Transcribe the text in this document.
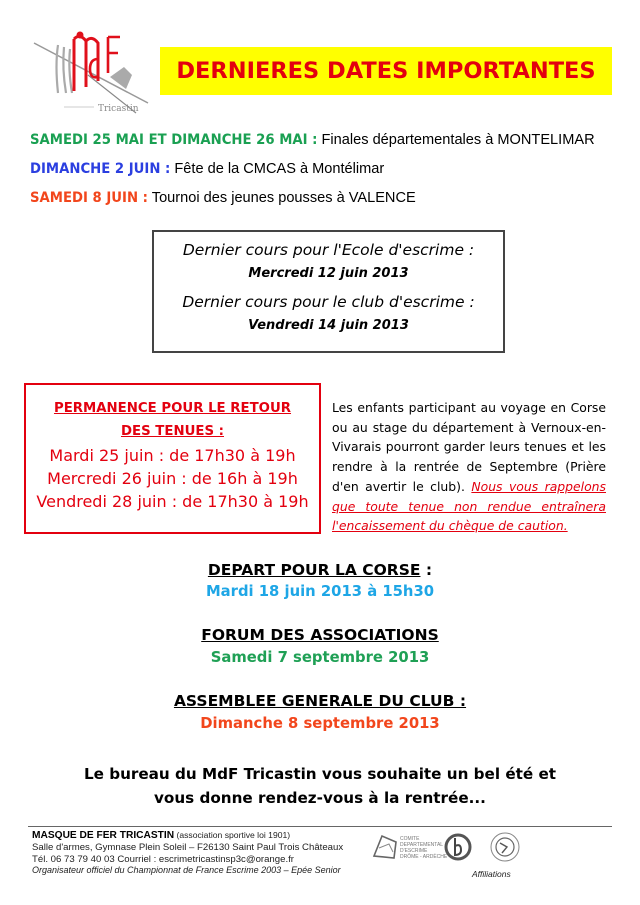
Tricastin
DERNIERES DATES IMPORTANTES
SAMEDI 25 MAI ET DIMANCHE 26 MAI : Finales départementales à MONTELIMAR
DIMANCHE 2 JUIN : Fête de la CMCAS à Montélimar
SAMEDI 8 JUIN : Tournoi des jeunes pousses à VALENCE
Dernier cours pour l'Ecole d'escrime :
Mercredi 12 juin 2013
Dernier cours pour le club d'escrime :
Vendredi 14 juin 2013
PERMANENCE POUR LE RETOUR
DES TENUES :
Mardi 25 juin : de 17h30 à 19h
Mercredi 26 juin : de 16h à 19h
Vendredi 28 juin : de 17h30 à 19h
Les enfants participant au voyage en Corse ou au stage du département à Vernoux-en-Vivarais pourront garder leurs tenues et les rendre à la rentrée de Septembre (Prière d'en avertir le club). Nous vous rappelons que toute tenue non rendue entraînera l'encaissement du chèque de caution.
DEPART POUR LA CORSE :
Mardi 18 juin 2013 à 15h30
FORUM DES ASSOCIATIONS
Samedi 7 septembre 2013
ASSEMBLEE GENERALE DU CLUB :
Dimanche 8 septembre 2013
Le bureau du MdF Tricastin vous souhaite un bel été et
vous donne rendez-vous à la rentrée...
MASQUE DE FER TRICASTIN (association sportive loi 1901)
Salle d'armes, Gymnase Plein Soleil – F26130 Saint Paul Trois Châteaux
Tél. 06 73 79 40 03 Courriel : escrimetricastinsp3c@orange.fr
Organisateur officiel du Championnat de France Escrime 2003 – Epée Senior
COMITE
DEPARTEMENTAL
D'ESCRIME
DRÔME - ARDÈCHE
Affiliations
